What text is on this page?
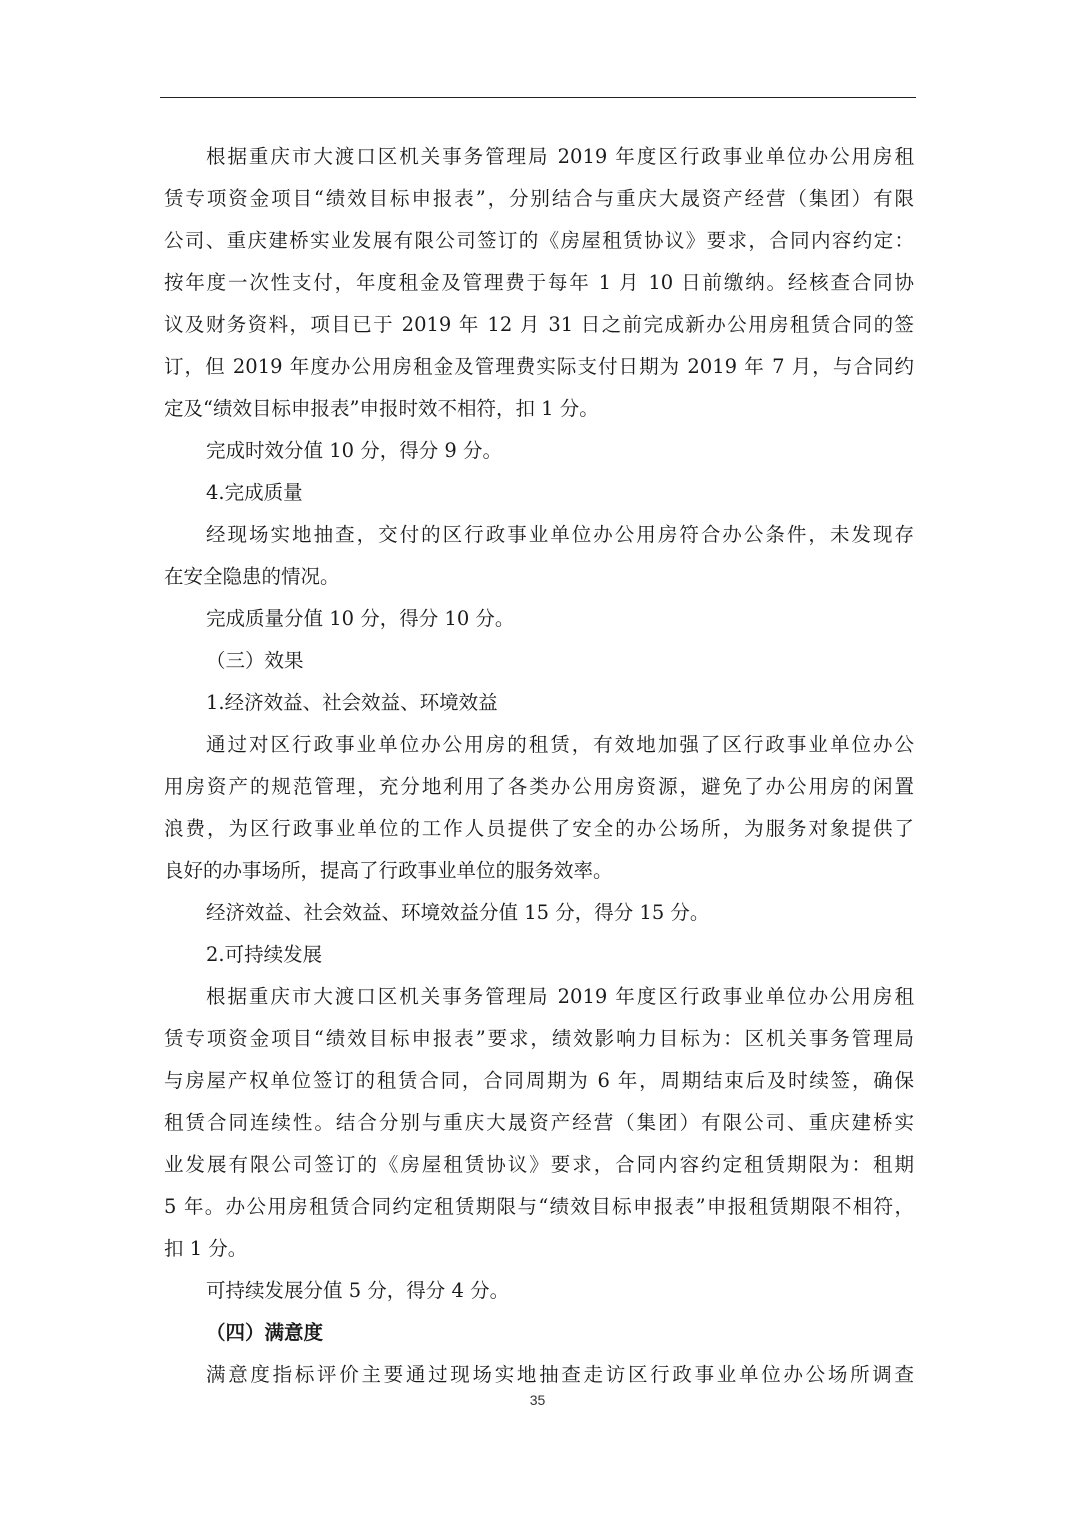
根据重庆市大渡口区机关事务管理局 2019 年度区行政事业单位办公用房租
赁专项资金项目“绩效目标申报表”，分别结合与重庆大晟资产经营（集团）有限
公司、重庆建桥实业发展有限公司签订的《房屋租赁协议》要求，合同内容约定：
按年度一次性支付，年度租金及管理费于每年 1 月 10 日前缴纳。经核查合同协
议及财务资料，项目已于 2019 年 12 月 31 日之前完成新办公用房租赁合同的签
订，但 2019 年度办公用房租金及管理费实际支付日期为 2019 年 7 月，与合同约
定及“绩效目标申报表”申报时效不相符，扣 1 分。
完成时效分值 10 分，得分 9 分。
4.完成质量
经现场实地抽查，交付的区行政事业单位办公用房符合办公条件，未发现存
在安全隐患的情况。
完成质量分值 10 分，得分 10 分。
（三）效果
1.经济效益、社会效益、环境效益
通过对区行政事业单位办公用房的租赁，有效地加强了区行政事业单位办公
用房资产的规范管理，充分地利用了各类办公用房资源，避免了办公用房的闲置
浪费，为区行政事业单位的工作人员提供了安全的办公场所，为服务对象提供了
良好的办事场所，提高了行政事业单位的服务效率。
经济效益、社会效益、环境效益分值 15 分，得分 15 分。
2.可持续发展
根据重庆市大渡口区机关事务管理局 2019 年度区行政事业单位办公用房租
赁专项资金项目“绩效目标申报表”要求，绩效影响力目标为：区机关事务管理局
与房屋产权单位签订的租赁合同，合同周期为 6 年，周期结束后及时续签，确保
租赁合同连续性。结合分别与重庆大晟资产经营（集团）有限公司、重庆建桥实
业发展有限公司签订的《房屋租赁协议》要求，合同内容约定租赁期限为：租期
5 年。办公用房租赁合同约定租赁期限与“绩效目标申报表”申报租赁期限不相符，
扣 1 分。
可持续发展分值 5 分，得分 4 分。
（四）满意度
满意度指标评价主要通过现场实地抽查走访区行政事业单位办公场所调查
35
